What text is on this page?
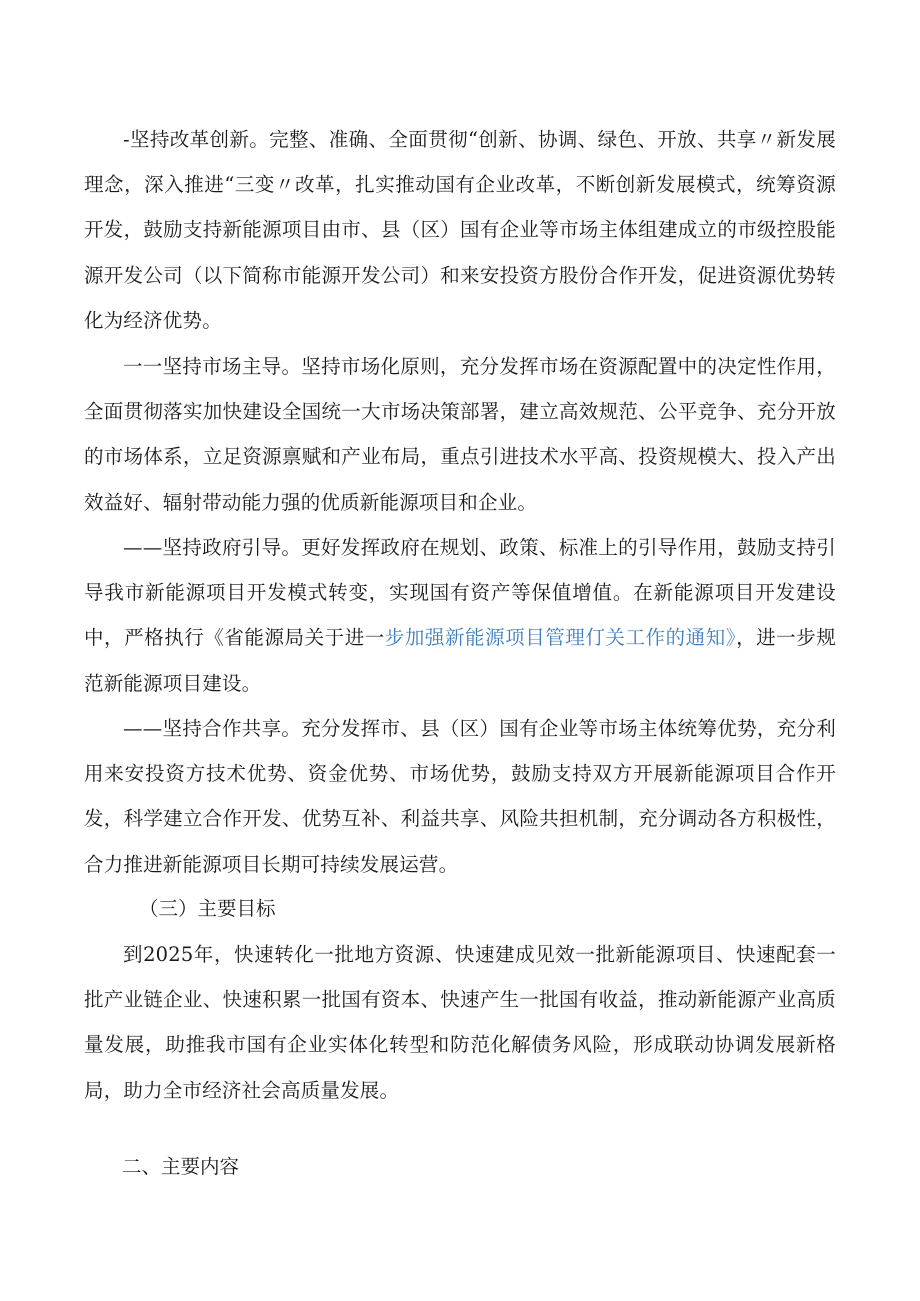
-坚持改革创新。完整、准确、全面贯彻“创新、协调、绿色、开放、共享〃新发展理念，深入推进“三变〃改革，扎实推动国有企业改革，不断创新发展模式，统筹资源开发，鼓励支持新能源项目由市、县（区）国有企业等市场主体组建成立的市级控股能源开发公司（以下简称市能源开发公司）和来安投资方股份合作开发，促进资源优势转化为经济优势。

一一坚持市场主导。坚持市场化原则，充分发挥市场在资源配置中的决定性作用，全面贯彻落实加快建设全国统一大市场决策部署，建立高效规范、公平竞争、充分开放的市场体系，立足资源禀赋和产业布局，重点引进技术水平高、投资规模大、投入产出效益好、辐射带动能力强的优质新能源项目和企业。

——坚持政府引导。更好发挥政府在规划、政策、标准上的引导作用，鼓励支持引导我市新能源项目开发模式转变，实现国有资产等保值增值。在新能源项目开发建设中，严格执行《省能源局关于进一步加强新能源项目管理仃关工作的通知》，进一步规范新能源项目建设。

——坚持合作共享。充分发挥市、县（区）国有企业等市场主体统筹优势，充分利用来安投资方技术优势、资金优势、市场优势，鼓励支持双方开展新能源项目合作开发，科学建立合作开发、优势互补、利益共享、风险共担机制，充分调动各方积极性，合力推进新能源项目长期可持续发展运营。

（三）主要目标

到2025年，快速转化一批地方资源、快速建成见效一批新能源项目、快速配套一批产业链企业、快速积累一批国有资本、快速产生一批国有收益，推动新能源产业高质量发展，助推我市国有企业实体化转型和防范化解债务风险，形成联动协调发展新格局，助力全市经济社会高质量发展。

二、主要内容
